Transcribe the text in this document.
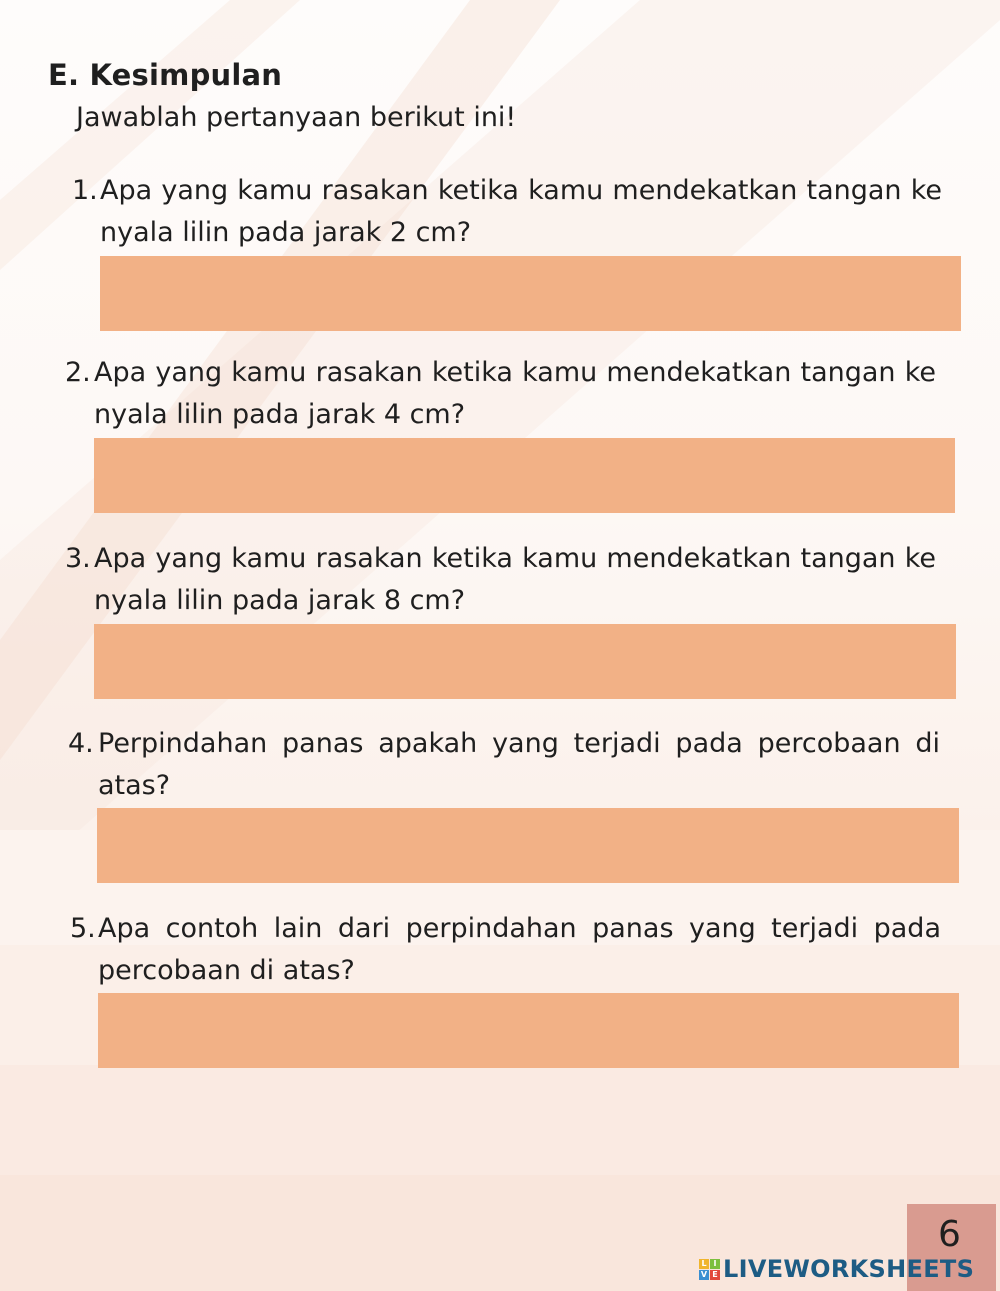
E. Kesimpulan
Jawablah pertanyaan berikut ini!
1. Apa yang kamu rasakan ketika kamu mendekatkan tangan ke nyala lilin pada jarak 2 cm?
2. Apa yang kamu rasakan ketika kamu mendekatkan tangan ke nyala lilin pada jarak 4 cm?
3. Apa yang kamu rasakan ketika kamu mendekatkan tangan ke nyala lilin pada jarak 8 cm?
4. Perpindahan panas apakah yang terjadi pada percobaan di atas?
5. Apa contoh lain dari perpindahan panas yang terjadi pada percobaan di atas?
6
L I
V E LIVEWORKSHEETS
